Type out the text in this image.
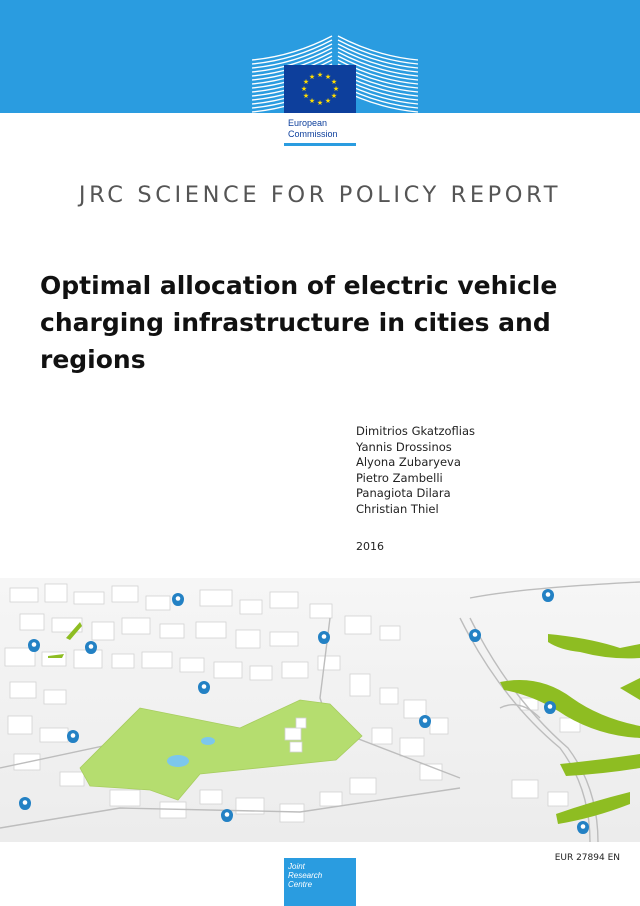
★ ★
★
★
★
★
★
★
★
★
★
★
European
Commission
JRC SCIENCE FOR POLICY REPORT
Optimal allocation of electric vehicle
charging infrastructure in cities and
regions
Dimitrios Gkatzoflias
Yannis Drossinos
Alyona Zubaryeva
Pietro Zambelli
Panagiota Dilara
Christian Thiel
2016
EUR 27894 EN
Joint
Research
Centre
